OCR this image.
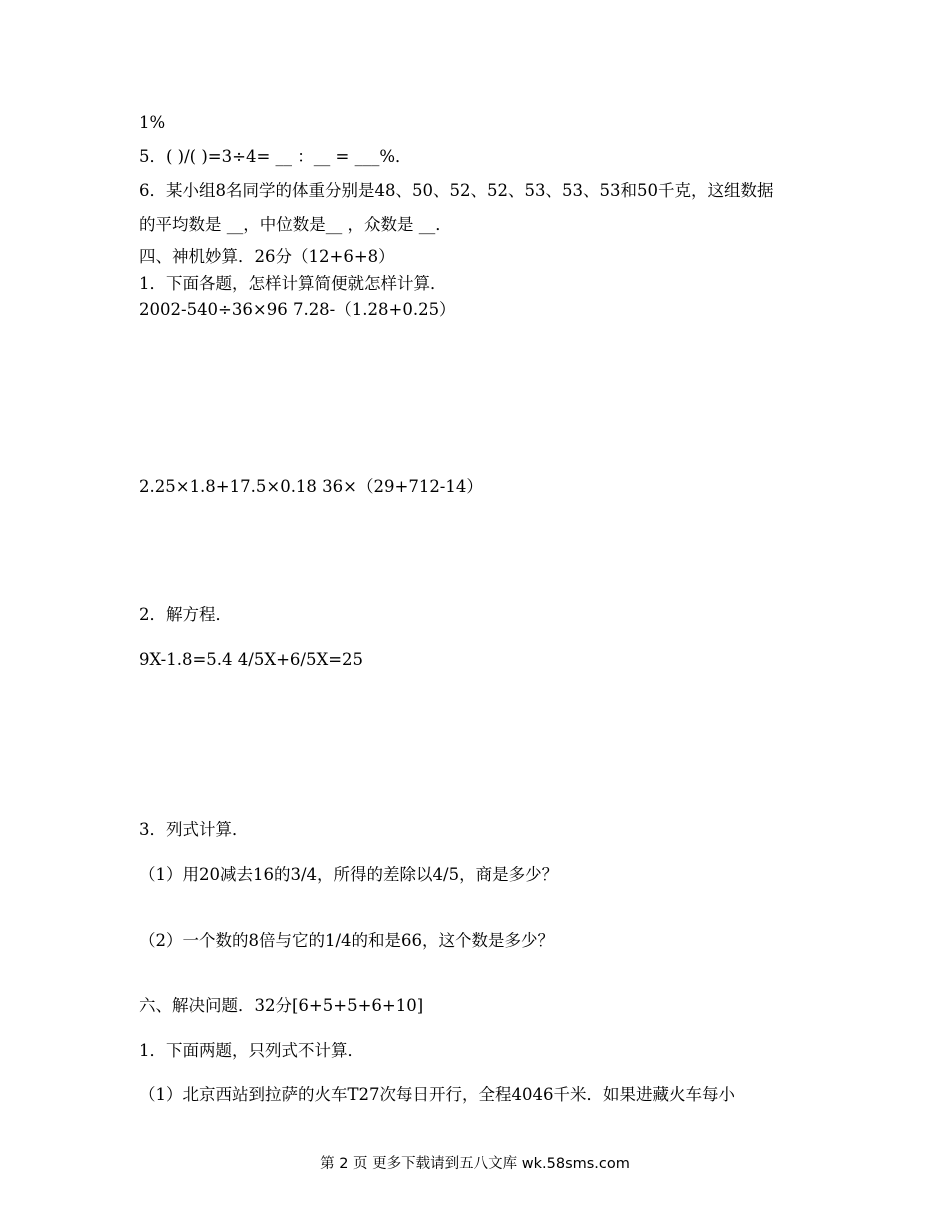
1%
5．( )/( )=3÷4= __ ：__ = ___%．
6．某小组8名同学的体重分别是48、50、52、52、53、53、53和50千克，这组数据
的平均数是 __，中位数是__ ，众数是 __．
四、神机妙算．26分（12+6+8）
1．下面各题，怎样计算简便就怎样计算．
2002-540÷36×96 7.28-（1.28+0.25）
2.25×1.8+17.5×0.18 36×（29+712-14）
2．解方程．
9X-1.8=5.4 4/5X+6/5X=25
3．列式计算．
（1）用20减去16的3/4，所得的差除以4/5，商是多少？
（2）一个数的8倍与它的1/4的和是66，这个数是多少？
六、解决问题．32分[6+5+5+6+10]
1．下面两题，只列式不计算．
（1）北京西站到拉萨的火车T27次每日开行，全程4046千米．如果进藏火车每小
第 2 页 更多下载请到五八文库 wk.58sms.com
